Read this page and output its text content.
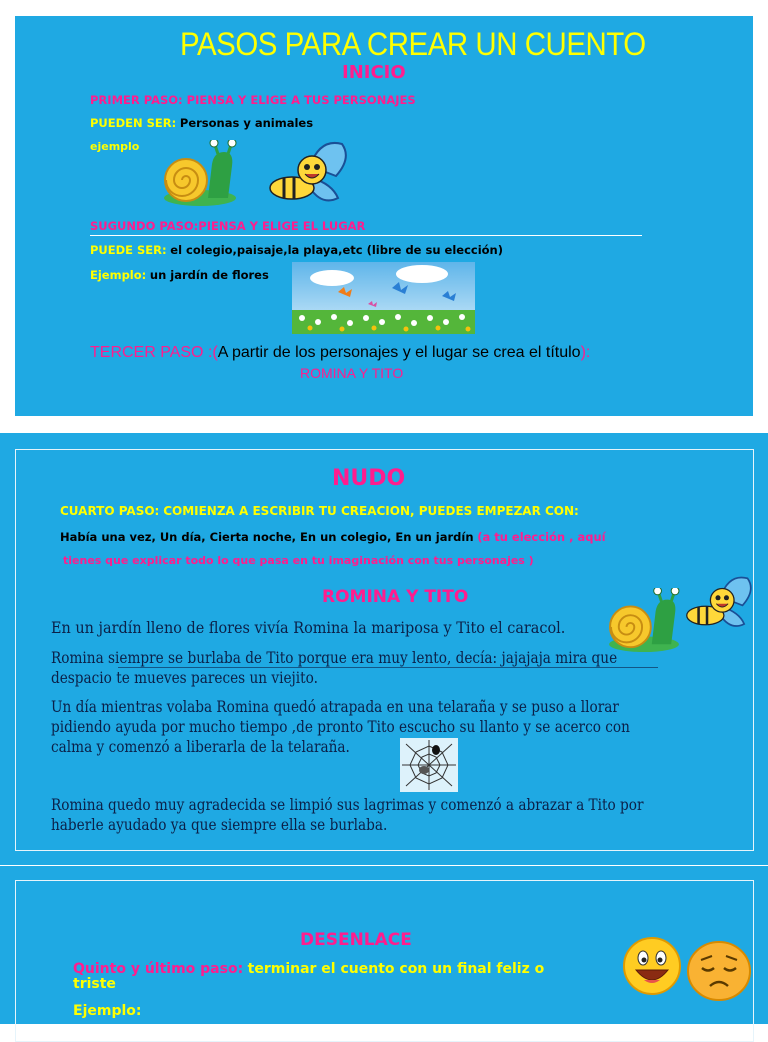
PASOS PARA CREAR UN CUENTO
INICIO
PRIMER PASO: PIENSA Y ELIGE A TUS PERSONAJES
PUEDEN SER: Personas y animales
ejemplo
SUGUNDO PASO:PIENSA Y ELIGE EL LUGAR
PUEDE SER: el colegio,paisaje,la playa,etc (libre de su elección)
Ejemplo: un jardín de flores
TERCER PASO :(A partir de los personajes y el lugar se crea el título):
ROMINA Y TITO
NUDO
CUARTO PASO: COMIENZA A ESCRIBIR TU CREACION, PUEDES EMPEZAR CON:
Había una vez, Un día, Cierta noche, En un colegio, En un jardín (a tu elección , aquí
tienes que explicar todo lo que pasa en tu imaginación con tus personajes )
ROMINA Y TITO
En un jardín lleno de flores vivía Romina la mariposa y Tito el caracol.
Romina siempre se burlaba de Tito porque era muy lento, decía: jajajaja mira que
despacio te mueves pareces un viejito.
Un día mientras volaba Romina quedó atrapada en una telaraña y se puso a llorar
pidiendo ayuda por mucho tiempo ,de pronto Tito escucho su llanto y se acerco con
calma y comenzó a liberarla de la telaraña.
Romina quedo muy agradecida se limpió sus lagrimas y comenzó a abrazar a Tito por
haberle ayudado ya que siempre ella se burlaba.
DESENLACE
Quinto y último paso: terminar el cuento con un final feliz o
triste
Ejemplo:
